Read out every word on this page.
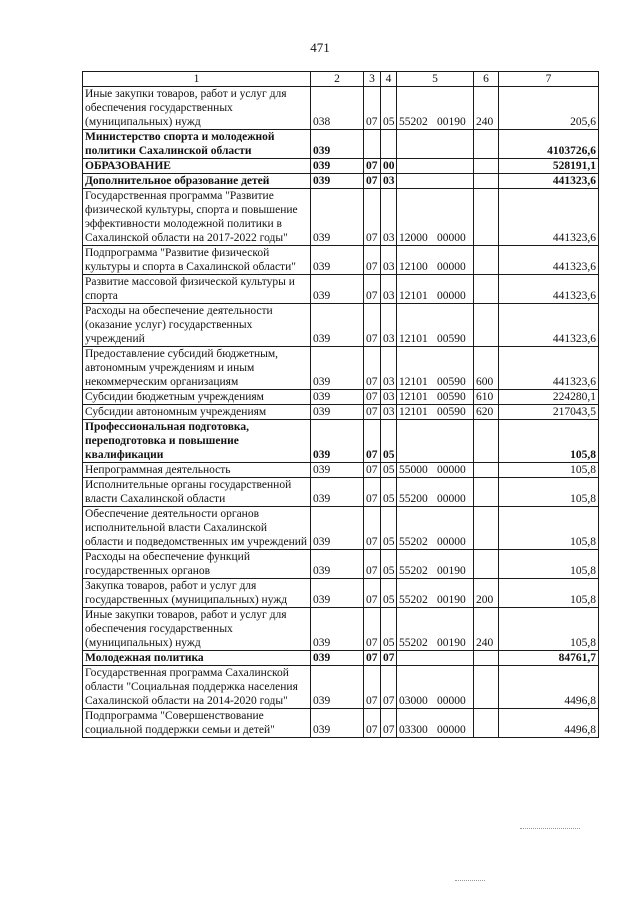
471
1	2	3	4	5	6	7
Иные закупки товаров, работ и услуг для обеспечения государственных (муниципальных) нужд	038	07	05	55202 00190	240	205,6
Министерство спорта и молодежной политики Сахалинской области	039					4103726,6
ОБРАЗОВАНИЕ	039	07	00			528191,1
Дополнительное образование детей	039	07	03			441323,6
Государственная программа "Развитие физической культуры, спорта и повышение эффективности молодежной политики в Сахалинской области на 2017-2022 годы"	039	07	03	12000 00000		441323,6
Подпрограмма "Развитие физической культуры и спорта в Сахалинской области"	039	07	03	12100 00000		441323,6
Развитие массовой физической культуры и спорта	039	07	03	12101 00000		441323,6
Расходы на обеспечение деятельности (оказание услуг) государственных учреждений	039	07	03	12101 00590		441323,6
Предоставление субсидий бюджетным, автономным учреждениям и иным некоммерческим организациям	039	07	03	12101 00590	600	441323,6
Субсидии бюджетным учреждениям	039	07	03	12101 00590	610	224280,1
Субсидии автономным учреждениям	039	07	03	12101 00590	620	217043,5
Профессиональная подготовка, переподготовка и повышение квалификации	039	07	05			105,8
Непрограммная деятельность	039	07	05	55000 00000		105,8
Исполнительные органы государственной власти Сахалинской области	039	07	05	55200 00000		105,8
Обеспечение деятельности органов исполнительной власти Сахалинской области и подведомственных им учреждений	039	07	05	55202 00000		105,8
Расходы на обеспечение функций государственных органов	039	07	05	55202 00190		105,8
Закупка товаров, работ и услуг для государственных (муниципальных) нужд	039	07	05	55202 00190	200	105,8
Иные закупки товаров, работ и услуг для обеспечения государственных (муниципальных) нужд	039	07	05	55202 00190	240	105,8
Молодежная политика	039	07	07			84761,7
Государственная программа Сахалинской области "Социальная поддержка населения Сахалинской области на 2014-2020 годы"	039	07	07	03000 00000		4496,8
Подпрограмма "Совершенствование социальной поддержки семьи и детей"	039	07	07	03300 00000		4496,8
